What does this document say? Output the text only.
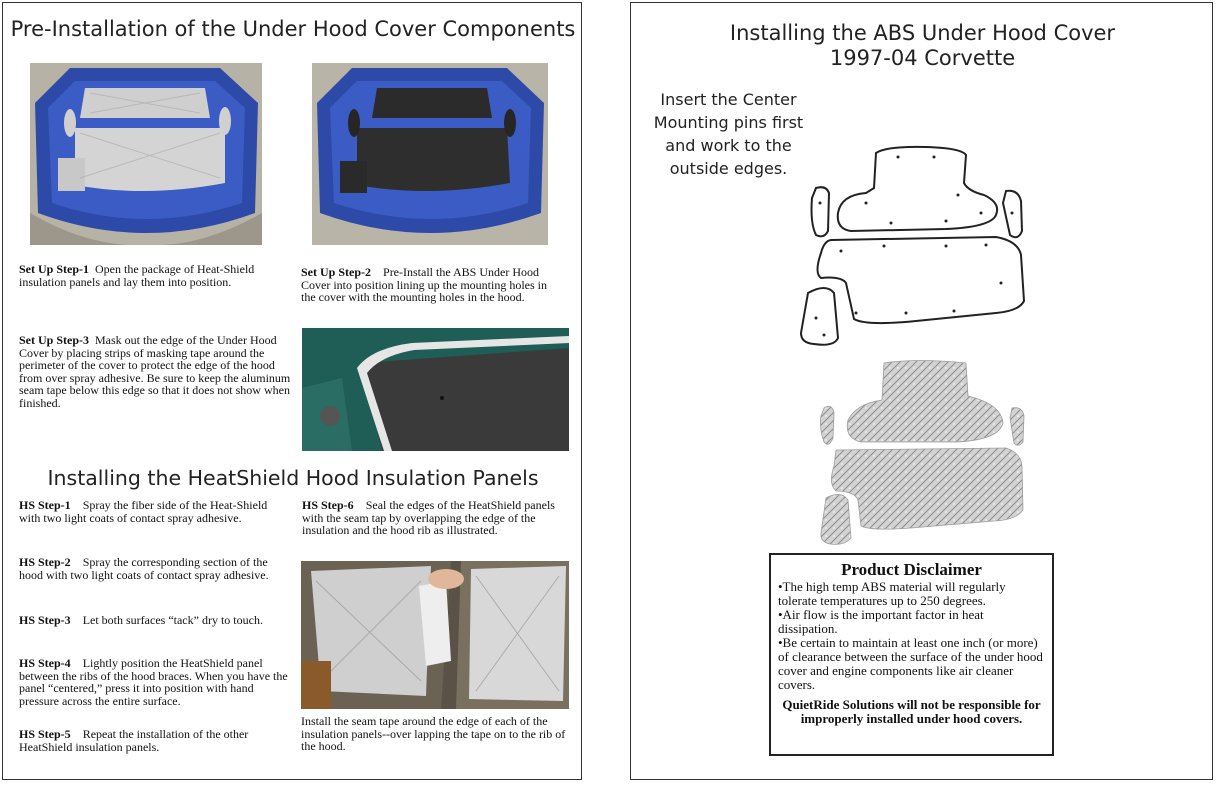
Pre-Installation of the Under Hood Cover Components
Set Up Step-1 Open the package of Heat-Shield insulation panels and lay them into position.
Set Up Step-2 Pre-Install the ABS Under Hood Cover into position lining up the mounting holes in the cover with the mounting holes in the hood.
Set Up Step-3 Mask out the edge of the Under Hood Cover by placing strips of masking tape around the perimeter of the cover to protect the edge of the hood from over spray adhesive. Be sure to keep the aluminum seam tape below this edge so that it does not show when finished.
Installing the HeatShield Hood Insulation Panels
HS Step-1 Spray the fiber side of the Heat-Shield with two light coats of contact spray adhesive.
HS Step-6 Seal the edges of the HeatShield panels with the seam tap by overlapping the edge of the insulation and the hood rib as illustrated.
HS Step-2 Spray the corresponding section of the hood with two light coats of contact spray adhesive.
HS Step-3 Let both surfaces “tack” dry to touch.
HS Step-4 Lightly position the HeatShield panel between the ribs of the hood braces. When you have the panel “centered,” press it into position with hand pressure across the entire surface.
HS Step-5 Repeat the installation of the other HeatShield insulation panels.
Install the seam tape around the edge of each of the insulation panels--over lapping the tape on to the rib of the hood.
Installing the ABS Under Hood Cover
1997-04 Corvette
Insert the Center Mounting pins first and work to the outside edges.
Product Disclaimer
•The high temp ABS material will regularly tolerate temperatures up to 250 degrees.
•Air flow is the important factor in heat dissipation.
•Be certain to maintain at least one inch (or more) of clearance between the surface of the under hood cover and engine components like air cleaner covers.
QuietRide Solutions will not be responsible for improperly installed under hood covers.
